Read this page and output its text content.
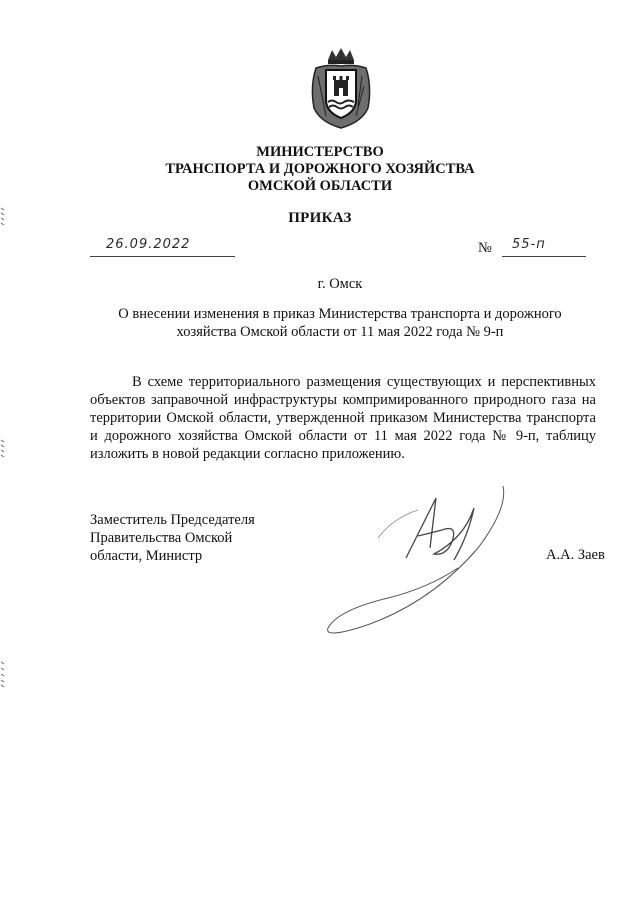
МИНИСТЕРСТВО
ТРАНСПОРТА И ДОРОЖНОГО ХОЗЯЙСТВА
ОМСКОЙ ОБЛАСТИ
ПРИКАЗ
26.09.2022	№ 55-п
г. Омск
О внесении изменения в приказ Министерства транспорта и дорожного хозяйства Омской области от 11 мая 2022 года № 9-п
В схеме территориального размещения существующих и перспективных объектов заправочной инфраструктуры компримированного природного газа на территории Омской области, утвержденной приказом Министерства транспорта и дорожного хозяйства Омской области от 11 мая 2022 года № 9-п, таблицу изложить в новой редакции согласно приложению.
Заместитель Председателя
Правительства Омской
области, Министр	А.А. Заев
